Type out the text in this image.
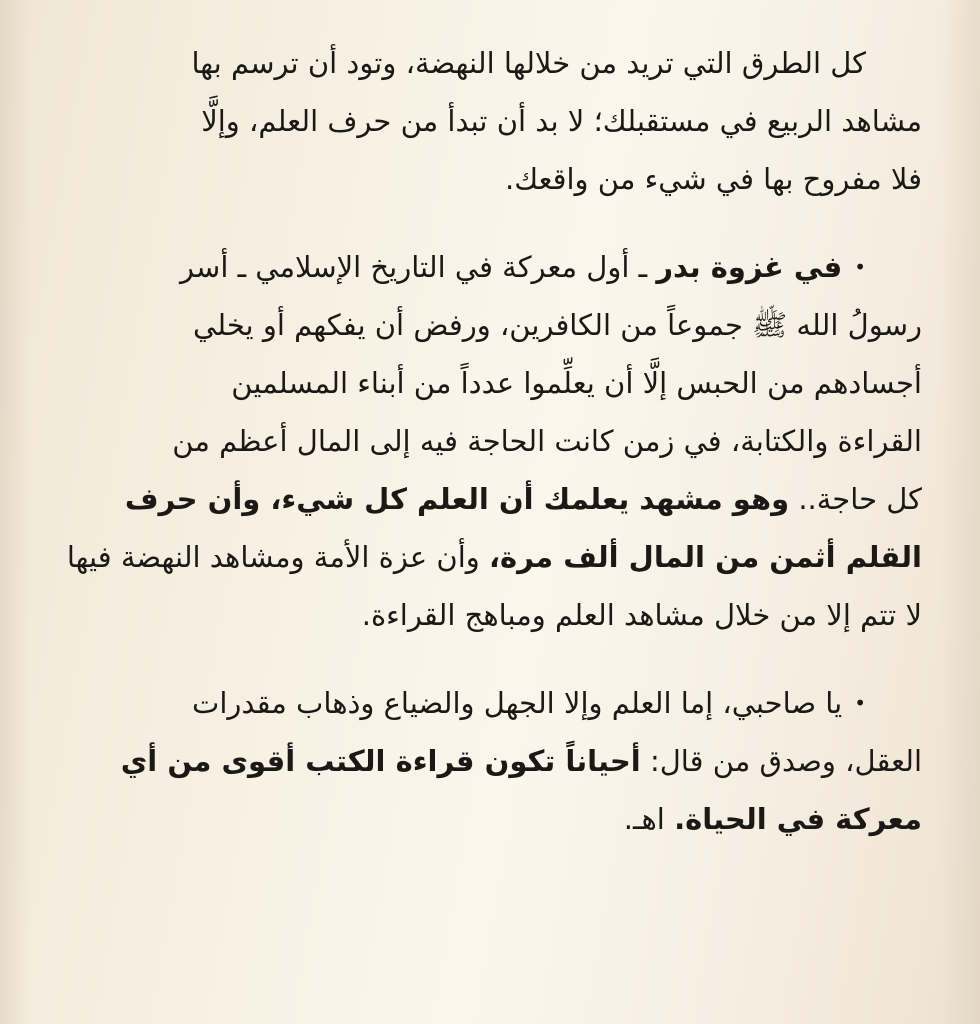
كل الطرق التي تريد من خلالها النهضة، وتود أن ترسم بها
مشاهد الربيع في مستقبلك؛ لا بد أن تبدأ من حرف العلم، وإلَّا
فلا مفروح بها في شيء من واقعك.
•في غزوة بدر ـ أول معركة في التاريخ الإسلامي ـ أسر
رسولُ الله ﷺ جموعاً من الكافرين، ورفض أن يفكهم أو يخلي
أجسادهم من الحبس إلَّا أن يعلِّموا عدداً من أبناء المسلمين
القراءة والكتابة، في زمن كانت الحاجة فيه إلى المال أعظم من
كل حاجة.. وهو مشهد يعلمك أن العلم كل شيء، وأن حرف
القلم أثمن من المال ألف مرة، وأن عزة الأمة ومشاهد النهضة فيها
لا تتم إلا من خلال مشاهد العلم ومباهج القراءة.
•يا صاحبي، إما العلم وإلا الجهل والضياع وذهاب مقدرات
العقل، وصدق من قال: أحياناً تكون قراءة الكتب أقوى من أي
معركة في الحياة. اهـ.
